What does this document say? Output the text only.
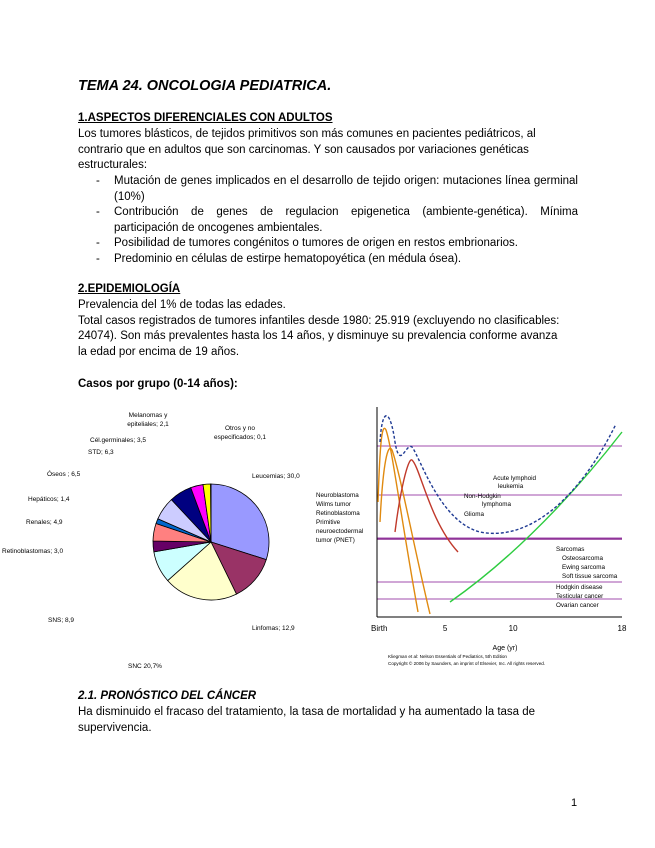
TEMA 24. ONCOLOGIA PEDIATRICA.
1.ASPECTOS DIFERENCIALES CON ADULTOS
Los tumores blásticos, de tejidos primitivos son más comunes en pacientes pediátricos, al
contrario que en adultos que son carcinomas. Y son causados por variaciones genéticas
estructurales:
- Mutación de genes implicados en el desarrollo de tejido origen: mutaciones línea germinal (10%)
- Contribución de genes de regulacion epigenetica (ambiente-genética). Mínima participación de oncogenes ambientales.
- Posibilidad de tumores congénitos o tumores de origen en restos embrionarios.
- Predominio en células de estirpe hematopoyética (en médula ósea).
2.EPIDEMIOLOGÍA
Prevalencia del 1% de todas las edades.
Total casos registrados de tumores infantiles desde 1980: 25.919 (excluyendo no clasificables:
24074). Son más prevalentes hasta los 14 años, y disminuye su prevalencia conforme avanza
la edad por encima de 19 años.
Casos por grupo (0-14 años):
Leucemias; 30,0
Linfomas; 12,9
SNC 20,7%
SNS; 8,9
Retinoblastomas; 3,0
Renales; 4,9
Hepáticos; 1,4
Óseos ; 6,5
STD; 6,3
Cél.germinales; 3,5
Melanomas y
epiteliales; 2,1
Otros y no
especificados; 0,1
Birth	5	10	18
Age (yr)
Kliegman et al: Nelson Essentials of Pediatrics, 5th Edition
Copyright © 2006 by Saunders, an imprint of Elsevier, Inc. All rights reserved.
Neuroblastoma
Wilms tumor
Retinoblastoma
Primitive
neuroectodermal
tumor (PNET)
Acute lymphoid
leukemia
Non-Hodgkin
lymphoma
Glioma
Sarcomas
Osteosarcoma
Ewing sarcoma
Soft tissue sarcoma
Hodgkin disease
Testicular cancer
Ovarian cancer
2.1. PRONÓSTICO DEL CÁNCER
Ha disminuido el fracaso del tratamiento, la tasa de mortalidad y ha aumentado la tasa de
supervivencia.
1
